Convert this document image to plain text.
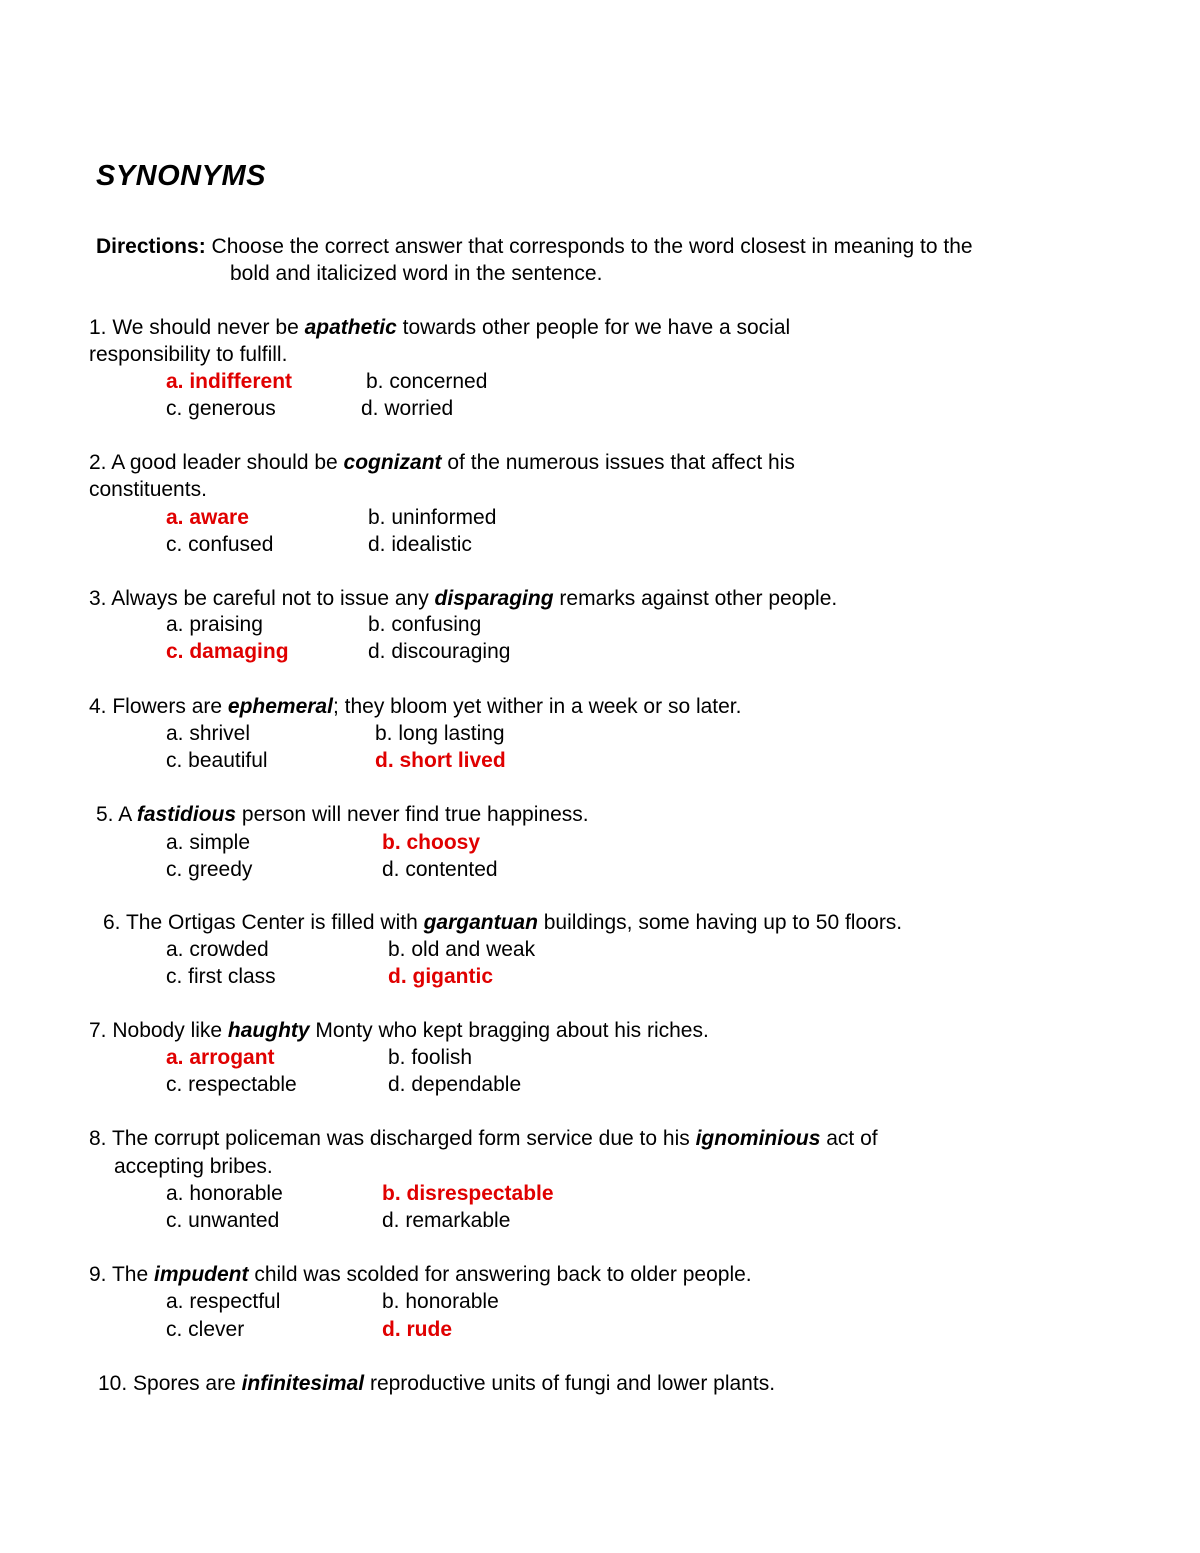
SYNONYMS
Directions: Choose the correct answer that corresponds to the word closest in meaning to the
bold and italicized word in the sentence.
1. We should never be apathetic towards other people for we have a social
responsibility to fulfill.
a. indifferent	b. concerned
c. generous	d. worried
2. A good leader should be cognizant of the numerous issues that affect his
constituents.
a. aware	b. uninformed
c. confused	d. idealistic
3. Always be careful not to issue any disparaging remarks against other people.
a. praising	b. confusing
c. damaging	d. discouraging
4. Flowers are ephemeral; they bloom yet wither in a week or so later.
a. shrivel	b. long lasting
c. beautiful	d. short lived
5. A fastidious person will never find true happiness.
a. simple	b. choosy
c. greedy	d. contented
6. The Ortigas Center is filled with gargantuan buildings, some having up to 50 floors.
a. crowded	b. old and weak
c. first class	d. gigantic
7. Nobody like haughty Monty who kept bragging about his riches.
a. arrogant	b. foolish
c. respectable	d. dependable
8. The corrupt policeman was discharged form service due to his ignominious act of
accepting bribes.
a. honorable	b. disrespectable
c. unwanted	d. remarkable
9. The impudent child was scolded for answering back to older people.
a. respectful	b. honorable
c. clever	d. rude
10. Spores are infinitesimal reproductive units of fungi and lower plants.
